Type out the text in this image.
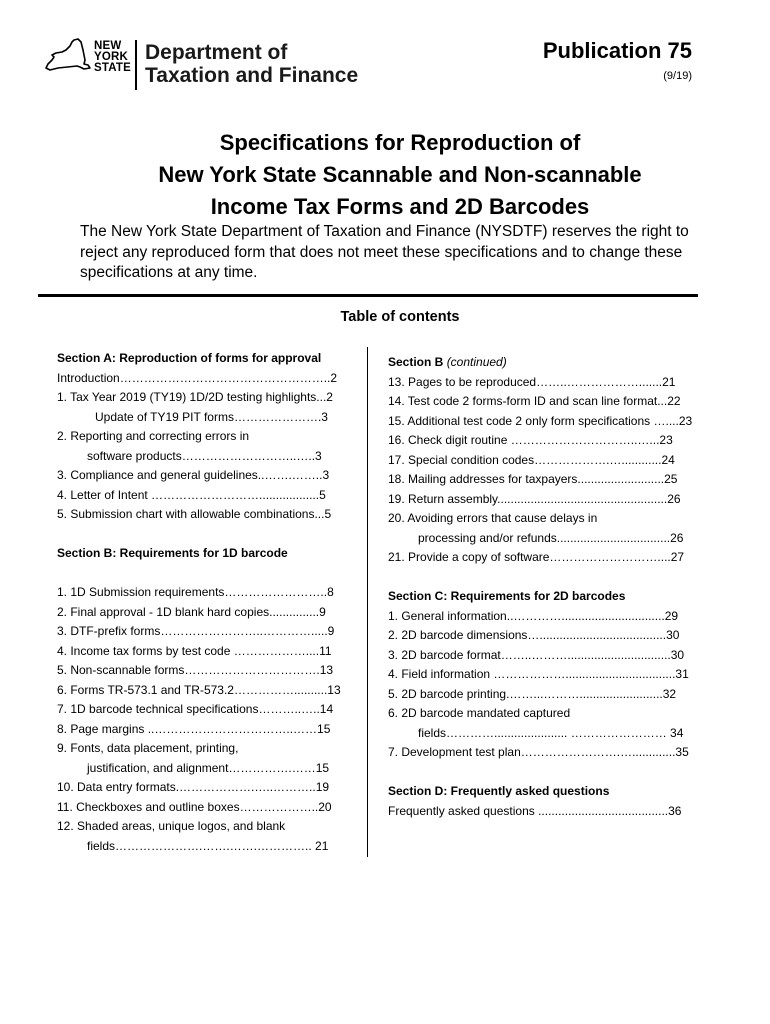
NEW
YORK
STATE
Department of
Taxation and Finance
Publication 75
(9/19)
Specifications for Reproduction of
New York State Scannable and Non-scannable
Income Tax Forms and 2D Barcodes
The New York State Department of Taxation and Finance (NYSDTF) reserves the right to reject any reproduced form that does not meet these specifications and to change these specifications at any time.
Table of contents
Section A: Reproduction of forms for approval
Introduction……………………………………………..2
1. Tax Year 2019 (TY19) 1D/2D testing highlights...2
Update of TY19 PIT forms………………….3
2. Reporting and correcting errors in
software products………………………..…..3
3. Compliance and general guidelines..…….……..3
4. Letter of Intent ………………………..................5
5. Submission chart with allowable combinations...5
Section B: Requirements for 1D barcode
1. 1D Submission requirements……………………..8
2. Final approval - 1D blank hard copies...............9
3. DTF-prefix forms……………………..………….....9
4. Income tax forms by test code ………………....11
5. Non-scannable forms…………………………….13
6. Forms TR-573.1 and TR-573.2……………..........13
7. 1D barcode technical specifications………..…..14
8. Page margins ..……………………………..……15
9. Fonts, data placement, printing,
justification, and alignment…………….……15
10. Data entry formats.……………….…..………..19
11. Checkboxes and outline boxes………………..20
12. Shaded areas, unique logos, and blank
fields………………….…….…….………….. 21
Section B (continued)
13. Pages to be reproduced……..……………….......21
14. Test code 2 forms-form ID and scan line format...22
15. Additional test code 2 only form specifications …....23
16. Check digit routine …………………………..…...23
17. Special condition codes……………….…............24
18. Mailing addresses for taxpayers..........................25
19. Return assembly...................................................26
20. Avoiding errors that cause delays in
processing and/or refunds..................................26
21. Provide a copy of software………………………....27
Section C: Requirements for 2D barcodes
1. General information..…………...............................29
2. 2D barcode dimensions…......................................30
3. 2D barcode format……..………...............................30
4. Field information ……………….................................31
5. 2D barcode printing.……...……….........................32
6. 2D barcode mandated captured
fields…………...................... …………………… 34
7. Development test plan…………………….….............35
Section D: Frequently asked questions
Frequently asked questions .......................................36
